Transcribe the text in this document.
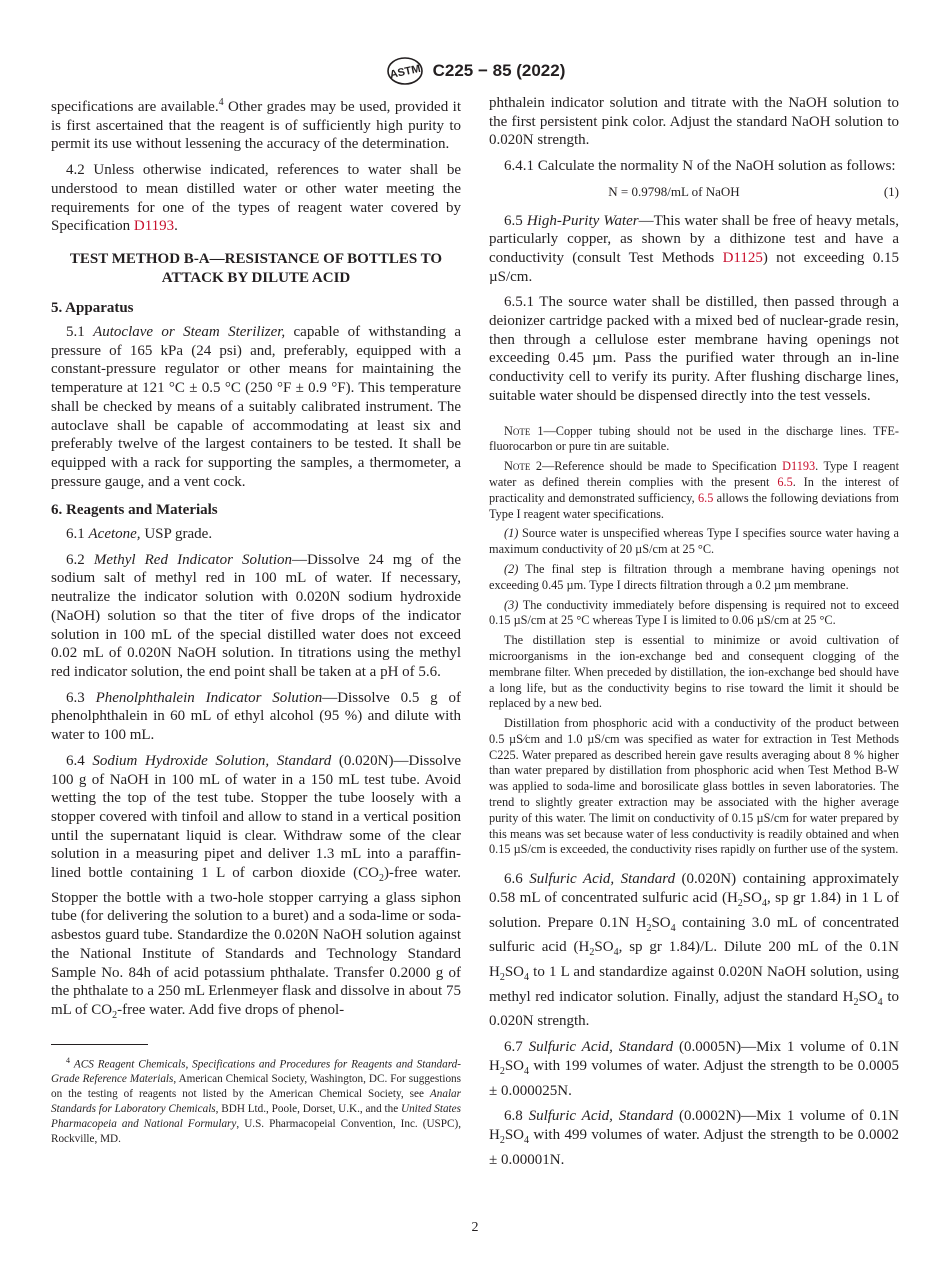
ASTM C225 − 85 (2022)

specifications are available.$^4$ Other grades may be used, provided it is first ascertained that the reagent is of sufficiently high purity to permit its use without lessening the accuracy of the determination.

4.2 Unless otherwise indicated, references to water shall be understood to mean distilled water or other water meeting the requirements for one of the types of reagent water covered by Specification D1193.

TEST METHOD B-A—RESISTANCE OF BOTTLES TO ATTACK BY DILUTE ACID
5. Apparatus

5.1 Autoclave or Steam Sterilizer, capable of withstanding a pressure of 165 kPa (24 psi) and, preferably, equipped with a constant-pressure regulator or other means for maintaining the temperature at 121 °C ± 0.5 °C (250 °F ± 0.9 °F). This temperature shall be checked by means of a suitably calibrated instrument. The autoclave shall be capable of accommodating at least six and preferably twelve of the largest containers to be tested. It shall be equipped with a rack for supporting the samples, a thermometer, a pressure gauge, and a vent cock.

6. Reagents and Materials

6.1 Acetone, USP grade.

6.2 Methyl Red Indicator Solution—Dissolve 24 mg of the sodium salt of methyl red in 100 mL of water. If necessary, neutralize the indicator solution with 0.020N sodium hydroxide (NaOH) solution so that the titer of five drops of the indicator solution in 100 mL of the special distilled water does not exceed 0.02 mL of 0.020N NaOH solution. In titrations using the methyl red indicator solution, the end point shall be taken at a pH of 5.6.

6.3 Phenolphthalein Indicator Solution—Dissolve 0.5 g of phenolphthalein in 60 mL of ethyl alcohol (95 %) and dilute with water to 100 mL.

6.4 Sodium Hydroxide Solution, Standard (0.020N)—Dissolve 100 g of NaOH in 100 mL of water in a 150 mL test tube. Avoid wetting the top of the test tube. Stopper the tube loosely with a stopper covered with tinfoil and allow to stand in a vertical position until the supernatant liquid is clear. Withdraw some of the clear solution in a measuring pipet and deliver 1.3 mL into a paraffin-lined bottle containing 1 L of carbon dioxide $(CO_2)$-free water. Stopper the bottle with a two-hole stopper carrying a glass siphon tube (for delivering the solution to a buret) and a soda-lime or soda-asbestos guard tube. Standardize the 0.020N NaOH solution against the National Institute of Standards and Technology Standard Sample No. 84h of acid potassium phthalate. Transfer 0.2000 g of the phthalate to a 250 mL Erlenmeyer flask and dissolve in about 75 mL of $CO_2$-free water. Add five drops of phenol-

$^4$ ACS Reagent Chemicals, Specifications and Procedures for Reagents and Standard-Grade Reference Materials, American Chemical Society, Washington, DC. For suggestions on the testing of reagents not listed by the American Chemical Society, see Analar Standards for Laboratory Chemicals, BDH Ltd., Poole, Dorset, U.K., and the United States Pharmacopeia and National Formulary, U.S. Pharmacopeial Convention, Inc. (USPC), Rockville, MD.

phthalein indicator solution and titrate with the NaOH solution to the first persistent pink color. Adjust the standard NaOH solution to 0.020N strength.

6.4.1 Calculate the normality N of the NaOH solution as follows:

N = 0.9798/mL of NaOH	(1)

6.5 High-Purity Water—This water shall be free of heavy metals, particularly copper, as shown by a dithizone test and have a conductivity (consult Test Methods D1125) not exceeding 0.15 µS/cm.

6.5.1 The source water shall be distilled, then passed through a deionizer cartridge packed with a mixed bed of nuclear-grade resin, then through a cellulose ester membrane having openings not exceeding 0.45 µm. Pass the purified water through an in-line conductivity cell to verify its purity. After flushing discharge lines, suitable water should be dispensed directly into the test vessels.

Note 1—Copper tubing should not be used in the discharge lines. TFE-fluorocarbon or pure tin are suitable.

Note 2—Reference should be made to Specification D1193. Type I reagent water as defined therein complies with the present 6.5. In the interest of practicality and demonstrated sufficiency, 6.5 allows the following deviations from Type I reagent water specifications.

(1) Source water is unspecified whereas Type I specifies source water having a maximum conductivity of 20 µS/cm at 25 °C.

(2) The final step is filtration through a membrane having openings not exceeding 0.45 µm. Type I directs filtration through a 0.2 µm membrane.

(3) The conductivity immediately before dispensing is required not to exceed 0.15 µS/cm at 25 °C whereas Type I is limited to 0.06 µS/cm at 25 °C.

The distillation step is essential to minimize or avoid cultivation of microorganisms in the ion-exchange bed and consequent clogging of the membrane filter. When preceded by distillation, the ion-exchange bed should have a long life, but as the conductivity begins to rise toward the limit it should be replaced by a new bed.

Distillation from phosphoric acid with a conductivity of the product between 0.5 µS⁄cm and 1.0 µS/cm was specified as water for extraction in Test Methods C225. Water prepared as described herein gave results averaging about 8 % higher than water prepared by distillation from phosphoric acid when Test Method B-W was applied to soda-lime and borosilicate glass bottles in seven laboratories. The trend to slightly greater extraction may be associated with the higher average purity of this water. The limit on conductivity of 0.15 µS/cm for water prepared by this means was set because water of less conductivity is readily obtained and when 0.15 µS/cm is exceeded, the conductivity rises rapidly on further use of the system.

6.6 Sulfuric Acid, Standard (0.020N) containing approximately 0.58 mL of concentrated sulfuric acid ($H_2SO_4$, sp gr 1.84) in 1 L of solution. Prepare 0.1N $H_2SO_4$ containing 3.0 mL of concentrated sulfuric acid ($H_2SO_4$, sp gr 1.84)/L. Dilute 200 mL of the 0.1N $H_2SO_4$ to 1 L and standardize against 0.020N NaOH solution, using methyl red indicator solution. Finally, adjust the standard $H_2SO_4$ to 0.020N strength.

6.7 Sulfuric Acid, Standard (0.0005N)—Mix 1 volume of 0.1N $H_2SO_4$ with 199 volumes of water. Adjust the strength to be 0.0005 ± 0.000025N.

6.8 Sulfuric Acid, Standard (0.0002N)—Mix 1 volume of 0.1N $H_2SO_4$ with 499 volumes of water. Adjust the strength to be 0.0002 ± 0.00001N.

2
